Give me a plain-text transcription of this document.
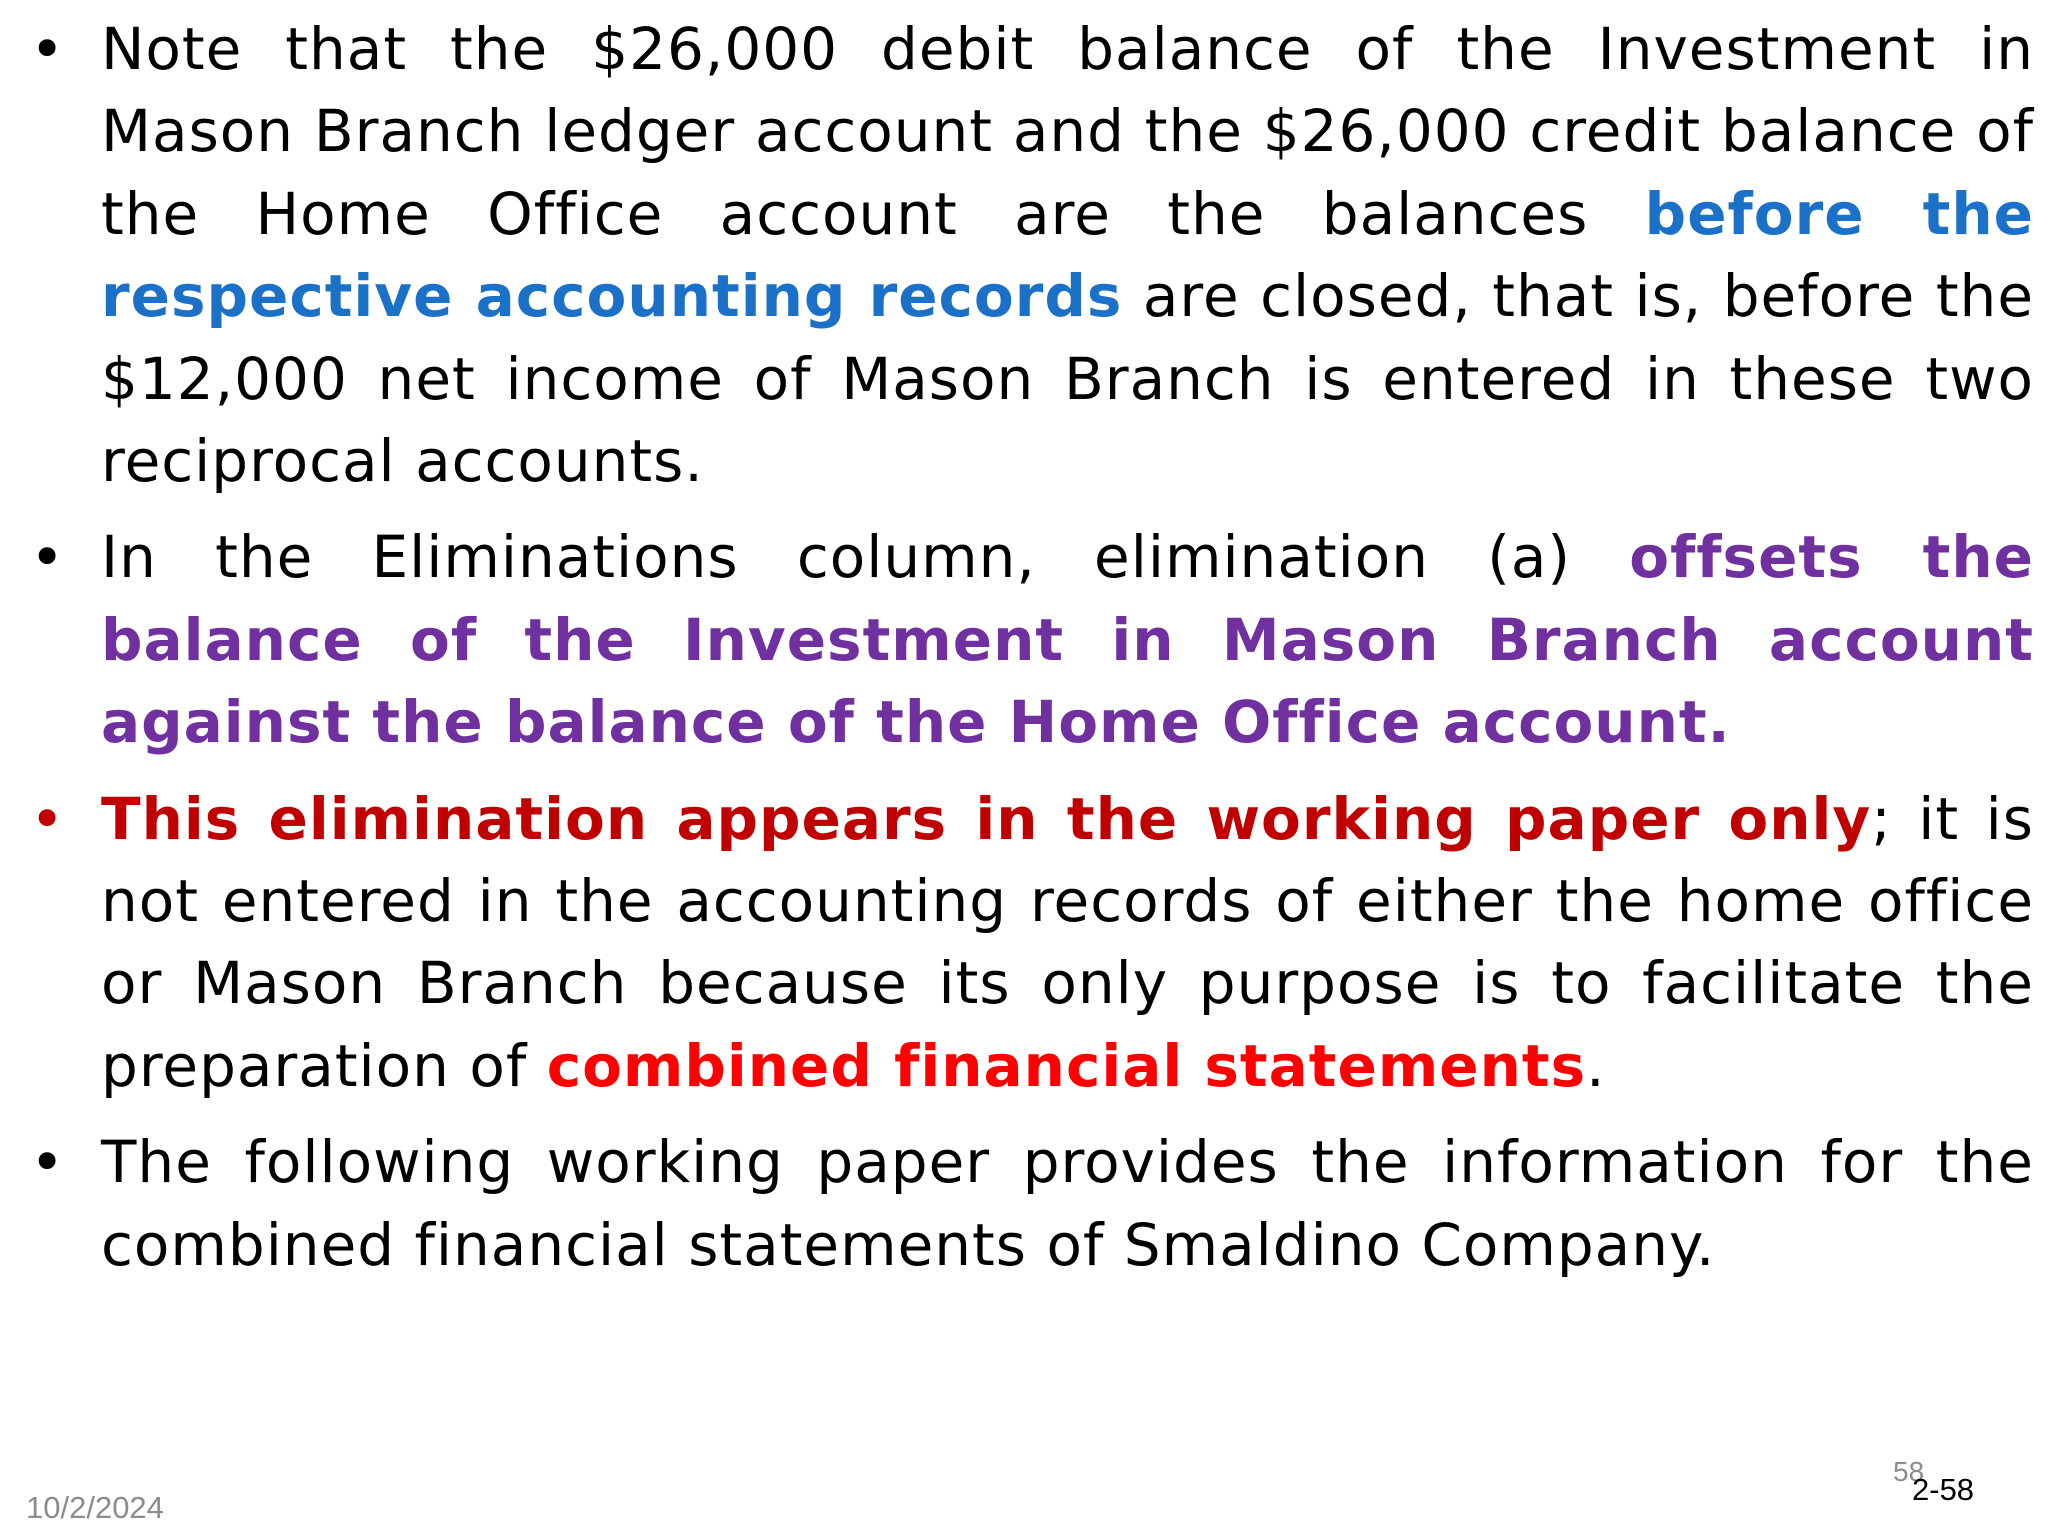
• Note that the $26,000 debit balance of the Investment in Mason Branch ledger account and the $26,000 credit balance of the Home Office account are the balances before the respective accounting records are closed, that is, before the $12,000 net income of Mason Branch is entered in these two reciprocal accounts.
• In the Eliminations column, elimination (a) offsets the balance of the Investment in Mason Branch account against the balance of the Home Office account.
• This elimination appears in the working paper only; it is not entered in the accounting records of either the home office or Mason Branch because its only purpose is to facilitate the preparation of combined financial statements.
• The following working paper provides the information for the combined financial statements of Smaldino Company.
10/2/2024
58
2-58
